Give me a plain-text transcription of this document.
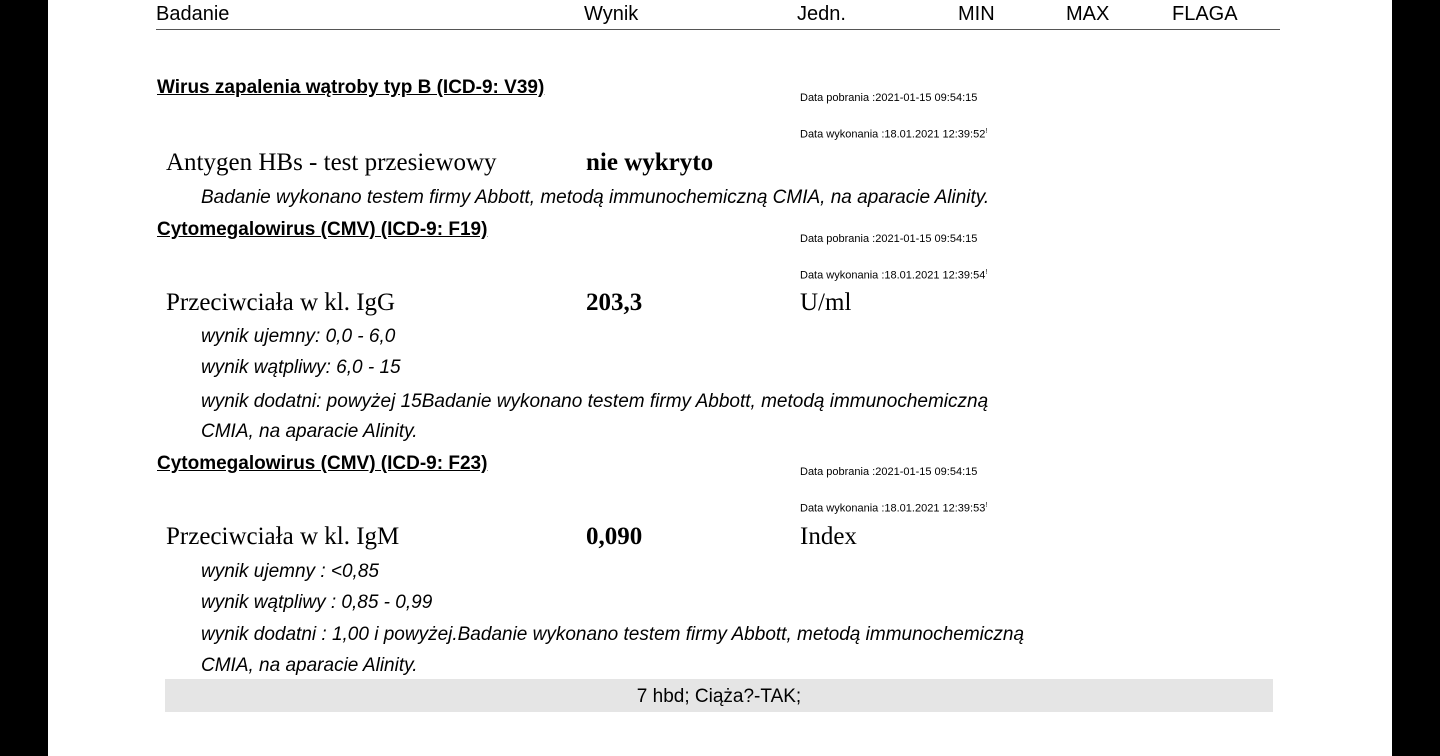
Badanie	Wynik	Jedn.	MIN	MAX	FLAGA
Wirus zapalenia wątroby typ B (ICD-9: V39)	Data pobrania :2021-01-15 09:54:15
Data wykonania :18.01.2021 12:39:52!
Antygen HBs - test przesiewowy	nie wykryto
Badanie wykonano testem firmy Abbott, metodą immunochemiczną CMIA, na aparacie Alinity.
Cytomegalowirus (CMV) (ICD-9: F19)	Data pobrania :2021-01-15 09:54:15
Data wykonania :18.01.2021 12:39:54!
Przeciwciała w kl. IgG	203,3	U/ml
wynik ujemny: 0,0 - 6,0
wynik wątpliwy: 6,0 - 15
wynik dodatni: powyżej 15Badanie wykonano testem firmy Abbott, metodą immunochemiczną
CMIA, na aparacie Alinity.
Cytomegalowirus (CMV) (ICD-9: F23)	Data pobrania :2021-01-15 09:54:15
Data wykonania :18.01.2021 12:39:53!
Przeciwciała w kl. IgM	0,090	Index
wynik ujemny : <0,85
wynik wątpliwy : 0,85 - 0,99
wynik dodatni : 1,00 i powyżej.Badanie wykonano testem firmy Abbott, metodą immunochemiczną
CMIA, na aparacie Alinity.
7 hbd; Ciąża?-TAK;
